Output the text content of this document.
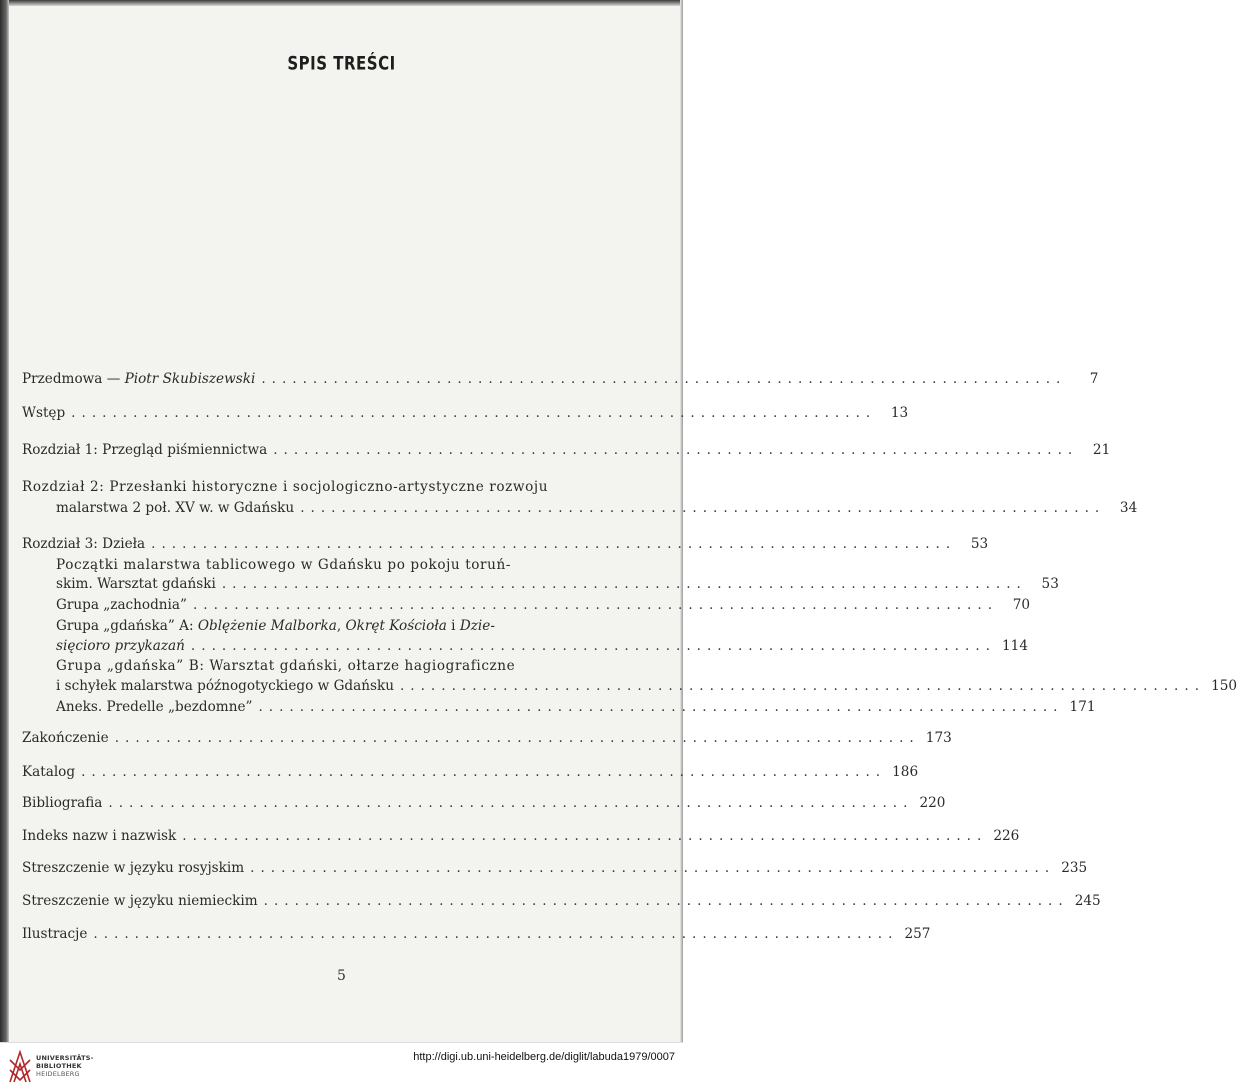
SPIS TREŚCI
Przedmowa — Piotr Skubiszewski ..............................................................................	7
Wstęp ..............................................................................	13
Rozdział 1: Przegląd piśmiennictwa ..............................................................................	21
Rozdział 2: Przesłanki historyczne i socjologiczno-artystyczne rozwoju
malarstwa 2 poł. XV w. w Gdańsku ..............................................................................	34
Rozdział 3: Dzieła ..............................................................................	53
Początki malarstwa tablicowego w Gdańsku po pokoju toruń-
skim. Warsztat gdański ..............................................................................	53
Grupa „zachodnia” ..............................................................................	70
Grupa „gdańska” A: Oblężenie Malborka, Okręt Kościoła i Dzie-
sięcioro przykazań .............................................................................. 114
Grupa „gdańska” B: Warsztat gdański, ołtarze hagiograficzne
i schyłek malarstwa późnogotyckiego w Gdańsku .............................................................................. 150
Aneks. Predelle „bezdomne” .............................................................................. 171
Zakończenie .............................................................................. 173
Katalog .............................................................................. 186
Bibliografia .............................................................................. 220
Indeks nazw i nazwisk .............................................................................. 226
Streszczenie w języku rosyjskim .............................................................................. 235
Streszczenie w języku niemieckim .............................................................................. 245
Ilustracje .............................................................................. 257
5
UNIVERSITÄTS-
BIBLIOTHEK
HEIDELBERG
http://digi.ub.uni-heidelberg.de/diglit/labuda1979/0007
